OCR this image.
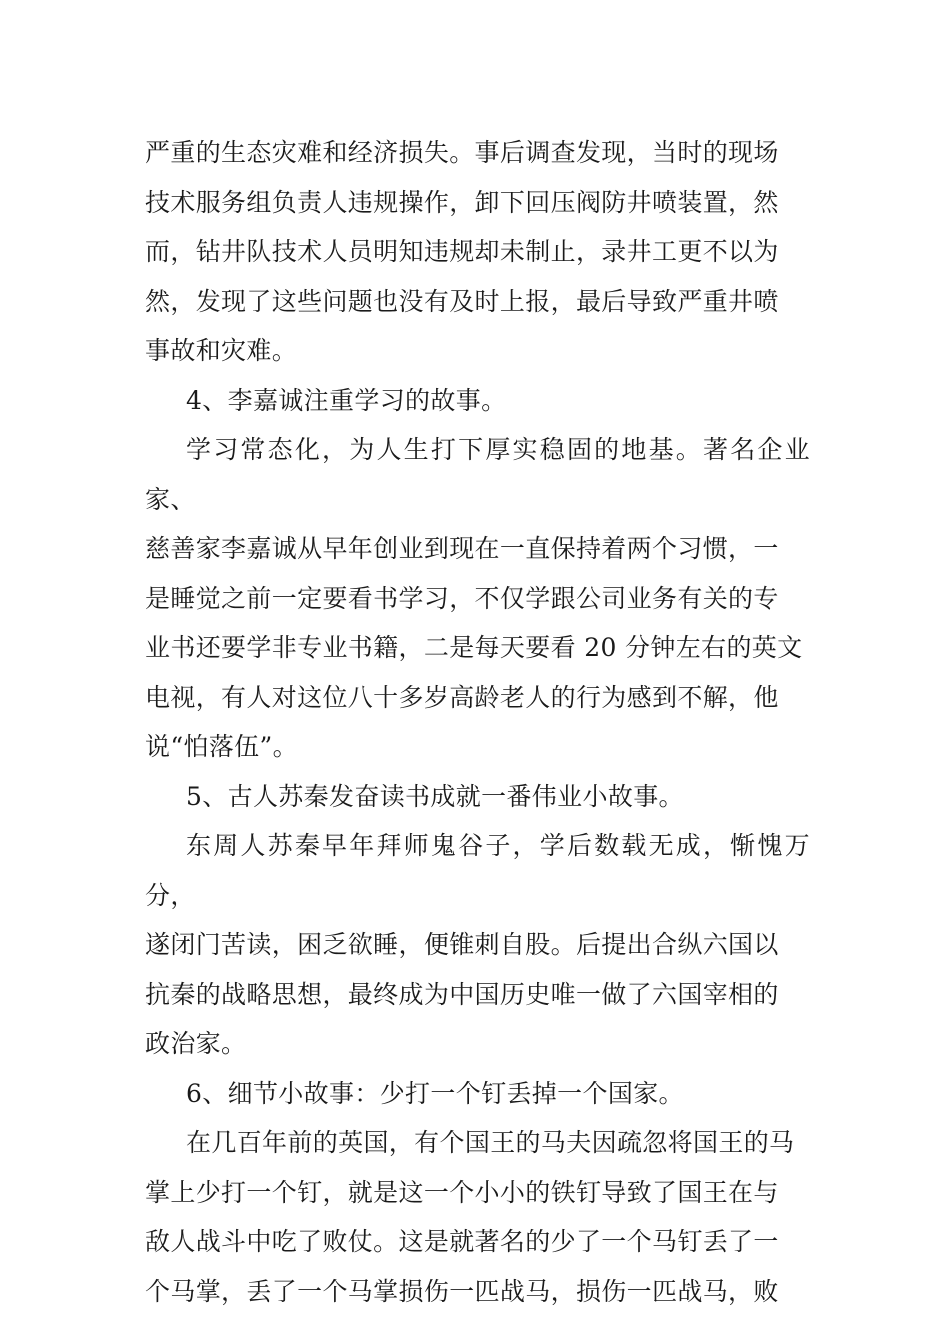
严重的生态灾难和经济损失。事后调查发现，当时的现场
技术服务组负责人违规操作，卸下回压阀防井喷装置，然
而，钻井队技术人员明知违规却未制止，录井工更不以为
然，发现了这些问题也没有及时上报，最后导致严重井喷
事故和灾难。

4、李嘉诚注重学习的故事。

学习常态化，为人生打下厚实稳固的地基。著名企业家、
慈善家李嘉诚从早年创业到现在一直保持着两个习惯，一
是睡觉之前一定要看书学习，不仅学跟公司业务有关的专
业书还要学非专业书籍，二是每天要看 20 分钟左右的英文
电视，有人对这位八十多岁高龄老人的行为感到不解，他
说“怕落伍”。

5、古人苏秦发奋读书成就一番伟业小故事。

东周人苏秦早年拜师鬼谷子，学后数载无成，惭愧万分，
遂闭门苦读，困乏欲睡，便锥刺自股。后提出合纵六国以
抗秦的战略思想，最终成为中国历史唯一做了六国宰相的
政治家。

6、细节小故事：少打一个钉丢掉一个国家。

在几百年前的英国，有个国王的马夫因疏忽将国王的马
掌上少打一个钉，就是这一个小小的铁钉导致了国王在与
敌人战斗中吃了败仗。这是就著名的少了一个马钉丢了一
个马掌，丢了一个马掌损伤一匹战马，损伤一匹战马，败
